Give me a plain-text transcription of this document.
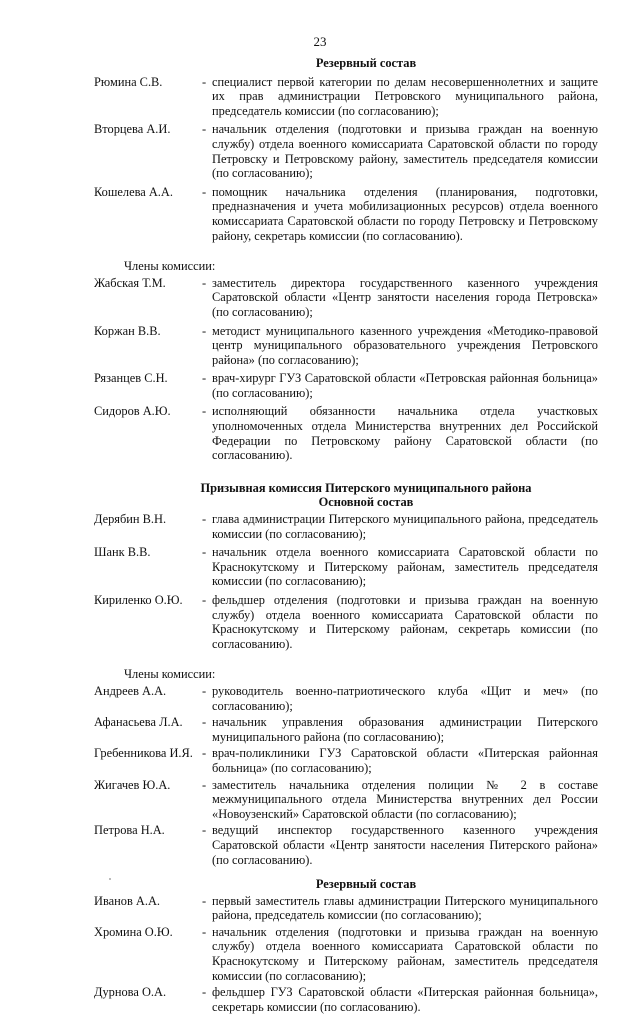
23
Резервный состав
Рюмина С.В.	- специалист первой категории по делам несовершеннолетних и защите их прав администрации Петровского муниципального района, председатель комиссии (по согласованию);
Вторцева А.И.	- начальник отделения (подготовки и призыва граждан на военную службу) отдела военного комиссариата Саратовской области по городу Петровску и Петровскому району, заместитель председателя комиссии (по согласованию);
Кошелева А.А.	- помощник начальника отделения (планирования, подготовки, предназначения и учета мобилизационных ресурсов) отдела военного комиссариата Саратовской области по городу Петровску и Петровскому району, секретарь комиссии (по согласованию).
Члены комиссии:
Жабская Т.М.	- заместитель директора государственного казенного учреждения Саратовской области «Центр занятости населения города Петровска» (по согласованию);
Коржан В.В.	- методист муниципального казенного учреждения «Методико-правовой центр муниципального образовательного учреждения Петровского района» (по согласованию);
Рязанцев С.Н.	- врач-хирург ГУЗ Саратовской области «Петровская районная больница» (по согласованию);
Сидоров А.Ю.	- исполняющий обязанности начальника отдела участковых уполномоченных отдела Министерства внутренних дел Российской Федерации по Петровскому району Саратовской области (по согласованию).
Призывная комиссия Питерского муниципального района
Основной состав
Дерябин В.Н.	- глава администрации Питерского муниципального района, председатель комиссии (по согласованию);
Шанк В.В.	- начальник отдела военного комиссариата Саратовской области по Краснокутскому и Питерскому районам, заместитель председателя комиссии (по согласованию);
Кириленко О.Ю.	- фельдшер отделения (подготовки и призыва граждан на военную службу) отдела военного комиссариата Саратовской области по Краснокутскому и Питерскому районам, секретарь комиссии (по согласованию).
Члены комиссии:
Андреев А.А.	- руководитель военно-патриотического клуба «Щит и меч» (по согласованию);
Афанасьева Л.А.	- начальник управления образования администрации Питерского муниципального района (по согласованию);
Гребенникова И.Я. - врач-поликлиники ГУЗ Саратовской области «Питерская районная больница» (по согласованию);
Жигачев Ю.А.	- заместитель начальника отделения полиции № 2 в составе межмуниципального отдела Министерства внутренних дел России «Новоузенский» Саратовской области (по согласованию);
Петрова Н.А.	- ведущий инспектор государственного казенного учреждения Саратовской области «Центр занятости населения Питерского района» (по согласованию).
Резервный состав
Иванов А.А.	- первый заместитель главы администрации Питерского муниципального района, председатель комиссии (по согласованию);
Хромина О.Ю.	- начальник отделения (подготовки и призыва граждан на военную службу) отдела военного комиссариата Саратовской области по Краснокутскому и Питерскому районам, заместитель председателя комиссии (по согласованию);
Дурнова О.А.	- фельдшер ГУЗ Саратовской области «Питерская районная больница», секретарь комиссии (по согласованию).
